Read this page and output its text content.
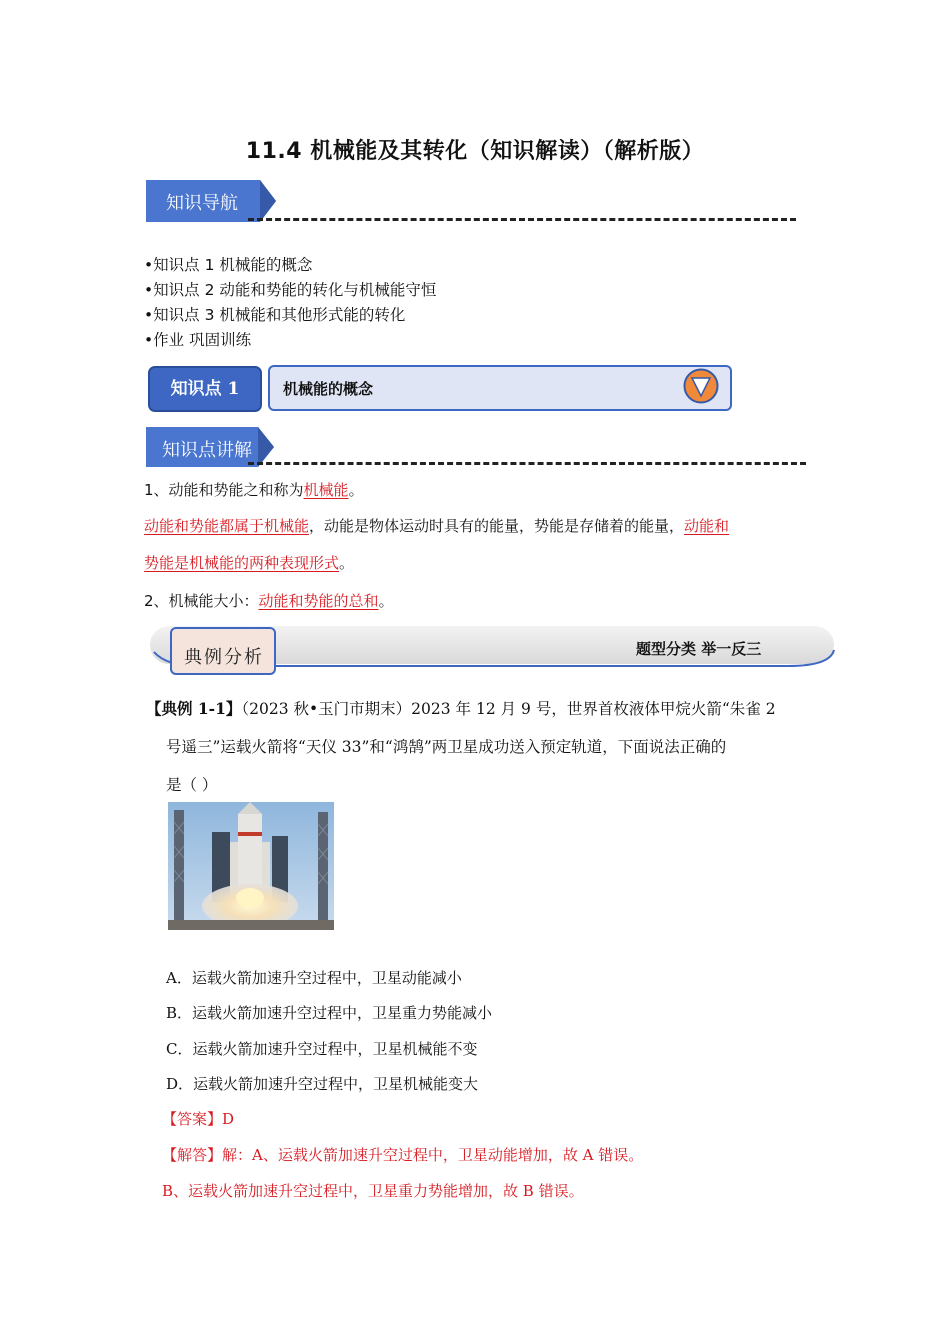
11.4 机械能及其转化（知识解读）（解析版）
知识导航
•知识点 1 机械能的概念
•知识点 2 动能和势能的转化与机械能守恒
•知识点 3 机械能和其他形式能的转化
•作业 巩固训练
知识点 1	机械能的概念
知识点讲解
1、动能和势能之和称为机械能。
动能和势能都属于机械能，动能是物体运动时具有的能量，势能是存储着的能量，动能和
势能是机械能的两种表现形式。
2、机械能大小：动能和势能的总和。
典例分析	题型分类 举一反三
【典例 1-1】（2023 秋•玉门市期末）2023 年 12 月 9 号，世界首枚液体甲烷火箭“朱雀 2
号遥三”运载火箭将“天仪 33”和“鸿鹄”两卫星成功送入预定轨道，下面说法正确的
是（ ）
A．运载火箭加速升空过程中，卫星动能减小
B．运载火箭加速升空过程中，卫星重力势能减小
C．运载火箭加速升空过程中，卫星机械能不变
D．运载火箭加速升空过程中，卫星机械能变大
【答案】D
【解答】解：A、运载火箭加速升空过程中，卫星动能增加，故 A 错误。
B、运载火箭加速升空过程中，卫星重力势能增加，故 B 错误。
